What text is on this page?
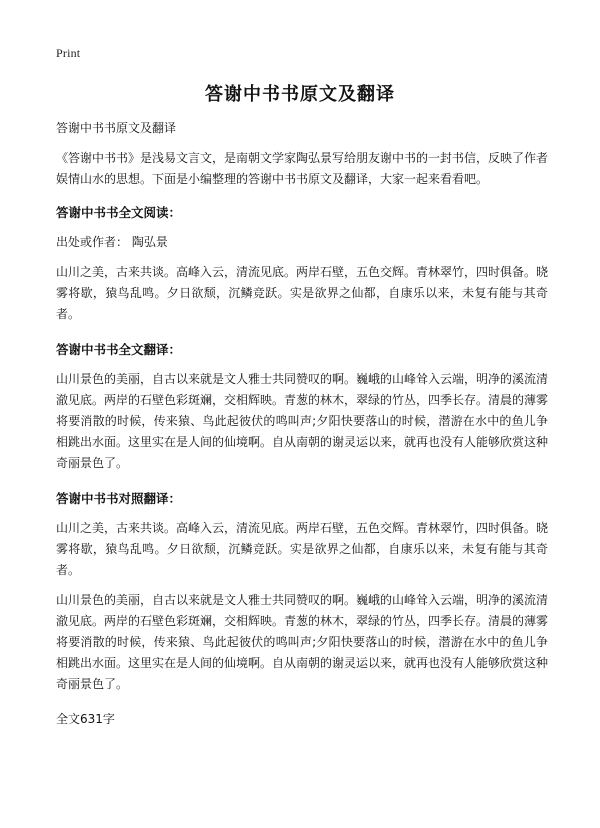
Print
答谢中书书原文及翻译

答谢中书书原文及翻译

《答谢中书书》是浅易文言文，是南朝文学家陶弘景写给朋友谢中书的一封书信，反映了作者娱情山水的思想。下面是小编整理的答谢中书书原文及翻译，大家一起来看看吧。

答谢中书书全文阅读：

出处或作者： 陶弘景

山川之美，古来共谈。高峰入云，清流见底。两岸石壁，五色交辉。青林翠竹，四时俱备。晓雾将歇，猿鸟乱鸣。夕日欲颓，沉鳞竞跃。实是欲界之仙都，自康乐以来，未复有能与其奇者。

答谢中书书全文翻译：

山川景色的美丽，自古以来就是文人雅士共同赞叹的啊。巍峨的山峰耸入云端，明净的溪流清澈见底。两岸的石壁色彩斑斓，交相辉映。青葱的林木，翠绿的竹丛，四季长存。清晨的薄雾将要消散的时候，传来猿、鸟此起彼伏的鸣叫声;夕阳快要落山的时候，潜游在水中的鱼儿争相跳出水面。这里实在是人间的仙境啊。自从南朝的谢灵运以来，就再也没有人能够欣赏这种奇丽景色了。

答谢中书书对照翻译：

山川之美，古来共谈。高峰入云，清流见底。两岸石壁，五色交辉。青林翠竹，四时俱备。晓雾将歇，猿鸟乱鸣。夕日欲颓，沉鳞竞跃。实是欲界之仙都，自康乐以来，未复有能与其奇者。

山川景色的美丽，自古以来就是文人雅士共同赞叹的啊。巍峨的山峰耸入云端，明净的溪流清澈见底。两岸的石壁色彩斑斓，交相辉映。青葱的林木，翠绿的竹丛，四季长存。清晨的薄雾将要消散的时候，传来猿、鸟此起彼伏的鸣叫声;夕阳快要落山的时候，潜游在水中的鱼儿争相跳出水面。这里实在是人间的仙境啊。自从南朝的谢灵运以来，就再也没有人能够欣赏这种奇丽景色了。

全文631字
